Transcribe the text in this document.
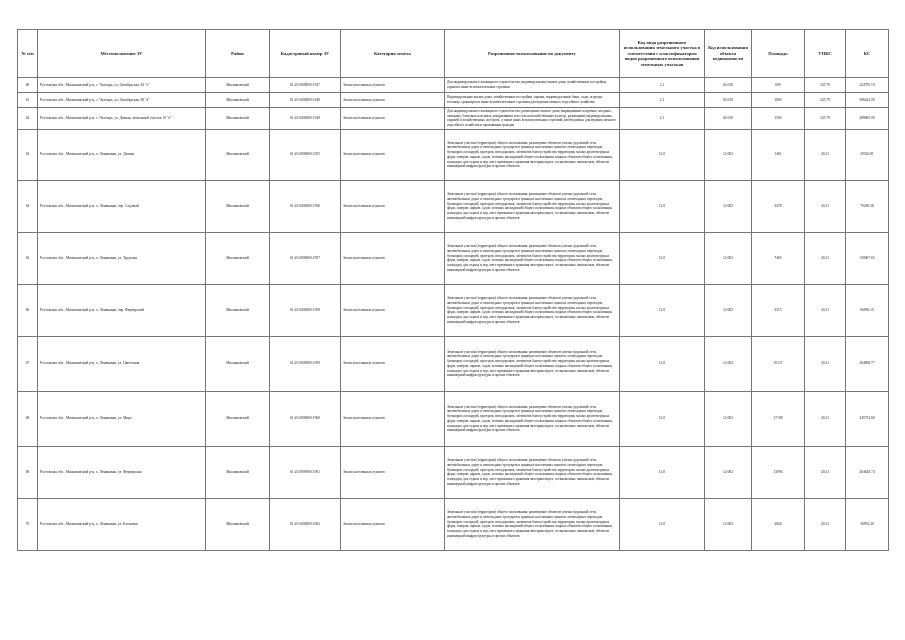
№ п/п	Местоположение ЗУ	Район	Кадастровый номер ЗУ	Категория земель	Разрешенное использование по документу	Код вида разрешенного использования земельного участка в соответствии с классификатором видов разрешенного использования земельных участков	Код использования объекта недвижимости	Площадь	УПКС	КС
60	Ростовская обл., Мясниковский р-н, с. Чалтырь, ул. Октябрьская, 82 "а"	Мясниковский	61:25:0000000:1947	Земли населенных пунктов	Для индивидуального жилищного строительства, индивидуальные жилые дома, хозяйственные постройки, гаражи и иные вспомогательные строения	2.1	02:010	690	325.79	224795.10
61	Ростовская обл., Мясниковский р-н, с. Чалтырь, ул. Октябрьская, 80 "а"	Мясниковский	61:25:0000000:1948	Земли населенных пунктов	Индивидуальные жилые дома, хозяйственные постройки, гаражи, индивидуальные бани, сады, огороды, теплицы, оранжереи и иные вспомогательные строения для ведения личного подсобного хозяйства	2.1	02:010	1800	325.79	586422.00
62	Ростовская обл., Мясниковский р-н, с. Чалтырь, ул. Дачная, земельный участок 10 "а"	Мясниковский	61:25:0000000:1949	Земли населенных пунктов	Для индивидуального жилищного строительства: размещение жилого дома, выращивание плодовых, ягодных, овощных, бахчевых или иных декоративных или сельскохозяйственных культур, размещение индивидуальных гаражей и хозяйственных построек, а также иных вспомогательных строений, необходимых для ведения личного подсобного хозяйства и проживания граждан	2.1	02:010	1500	325.79	488685.00
63	Ростовская обл., Мясниковский р-н, х. Ленинаван, ул. Дачная	Мясниковский	61:25:0000000:1955	Земли населенных пунктов	Земельные участки (территории) общего пользования: размещение объектов улично-дорожной сети, автомобильных дорог и пешеходных тротуаров в границах населенных пунктов, пешеходных переходов, бульваров, площадей, проездов, велодорожек, элементов благоустройства территории, малых архитектурных форм, скверов, парков, садов, зеленых насаждений общего пользования, водных объектов общего пользования, площадок для отдыха и игр, мест временного хранения автотранспорта, остановочных павильонов, объектов инженерной инфраструктуры и прочих объектов	12.0	12:002	1461	20.21	29526.81
64	Ростовская обл., Мясниковский р-н, х. Ленинаван, пер. Садовый	Мясниковский	61:25:0000000:1956	Земли населенных пунктов	Земельные участки (территории) общего пользования: размещение объектов улично-дорожной сети, автомобильных дорог и пешеходных тротуаров в границах населенных пунктов, пешеходных переходов, бульваров, площадей, проездов, велодорожек, элементов благоустройства территории, малых архитектурных форм, скверов, парков, садов, зеленых насаждений общего пользования, водных объектов общего пользования, площадок для отдыха и игр, мест временного хранения автотранспорта, остановочных павильонов, объектов инженерной инфраструктуры и прочих объектов	12.0	12:002	3478	20.21	70290.38
65	Ростовская обл., Мясниковский р-н, х. Ленинаван, ул. Трудовая	Мясниковский	61:25:0000000:1957	Земли населенных пунктов	Земельные участки (территории) общего пользования: размещение объектов улично-дорожной сети, автомобильных дорог и пешеходных тротуаров в границах населенных пунктов, пешеходных переходов, бульваров, площадей, проездов, велодорожек, элементов благоустройства территории, малых архитектурных форм, скверов, парков, садов, зеленых насаждений общего пользования, водных объектов общего пользования, площадок для отдыха и игр, мест временного хранения автотранспорта, остановочных павильонов, объектов инженерной инфраструктуры и прочих объектов	12.0	12:002	7465	20.21	150867.65
66	Ростовская обл., Мясниковский р-н, х. Ленинаван, пер. Фермерский	Мясниковский	61:25:0000000:1958	Земли населенных пунктов	Земельные участки (территории) общего пользования: размещение объектов улично-дорожной сети, автомобильных дорог и пешеходных тротуаров в границах населенных пунктов, пешеходных переходов, бульваров, площадей, проездов, велодорожек, элементов благоустройства территории, малых архитектурных форм, скверов, парков, садов, зеленых насаждений общего пользования, водных объектов общего пользования, площадок для отдыха и игр, мест временного хранения автотранспорта, остановочных павильонов, объектов инженерной инфраструктуры и прочих объектов	12.0	12:002	3315	20.21	66996.15
67	Ростовская обл., Мясниковский р-н, х. Ленинаван, ул. Цветочная	Мясниковский	61:25:0000000:1959	Земли населенных пунктов	Земельные участки (территории) общего пользования: размещение объектов улично-дорожной сети, автомобильных дорог и пешеходных тротуаров в границах населенных пунктов, пешеходных переходов, бульваров, площадей, проездов, велодорожек, элементов благоустройства территории, малых архитектурных форм, скверов, парков, садов, зеленых насаждений общего пользования, водных объектов общего пользования, площадок для отдыха и игр, мест временного хранения автотранспорта, остановочных павильонов, объектов инженерной инфраструктуры и прочих объектов	12.0	12:002	10137	20.21	204868.77
68	Ростовская обл., Мясниковский р-н, х. Ленинаван, ул. Мира	Мясниковский	61:25:0000000:1960	Земли населенных пунктов	Земельные участки (территории) общего пользования: размещение объектов улично-дорожной сети, автомобильных дорог и пешеходных тротуаров в границах населенных пунктов, пешеходных переходов, бульваров, площадей, проездов, велодорожек, элементов благоустройства территории, малых архитектурных форм, скверов, парков, садов, зеленых насаждений общего пользования, водных объектов общего пользования, площадок для отдыха и игр, мест временного хранения автотранспорта, остановочных павильонов, объектов инженерной инфраструктуры и прочих объектов	12.0	12:002	17108	20.21	345752.68
69	Ростовская обл., Мясниковский р-н, х. Ленинаван, ул. Фермерская	Мясниковский	61:25:0000000:1961	Земли населенных пунктов	Земельные участки (территории) общего пользования: размещение объектов улично-дорожной сети, автомобильных дорог и пешеходных тротуаров в границах населенных пунктов, пешеходных переходов, бульваров, площадей, проездов, велодорожек, элементов благоустройства территории, малых архитектурных форм, скверов, парков, садов, зеленых насаждений общего пользования, водных объектов общего пользования, площадок для отдыха и игр, мест временного хранения автотранспорта, остановочных павильонов, объектов инженерной инфраструктуры и прочих объектов	12.0	12:002	13094	20.21	264629.74
70	Ростовская обл., Мясниковский р-н, х. Ленинаван, ул. Кленовая	Мясниковский	61:25:0000000:1962	Земли населенных пунктов	Земельные участки (территории) общего пользования: размещение объектов улично-дорожной сети, автомобильных дорог и пешеходных тротуаров в границах населенных пунктов, пешеходных переходов, бульваров, площадей, проездов, велодорожек, элементов благоустройства территории, малых архитектурных форм, скверов, парков, садов, зеленых насаждений общего пользования, водных объектов общего пользования, площадок для отдыха и игр, мест временного хранения автотранспорта, остановочных павильонов, объектов инженерной инфраструктуры и прочих объектов	12.0	12:002	2820	20.21	56992.20
